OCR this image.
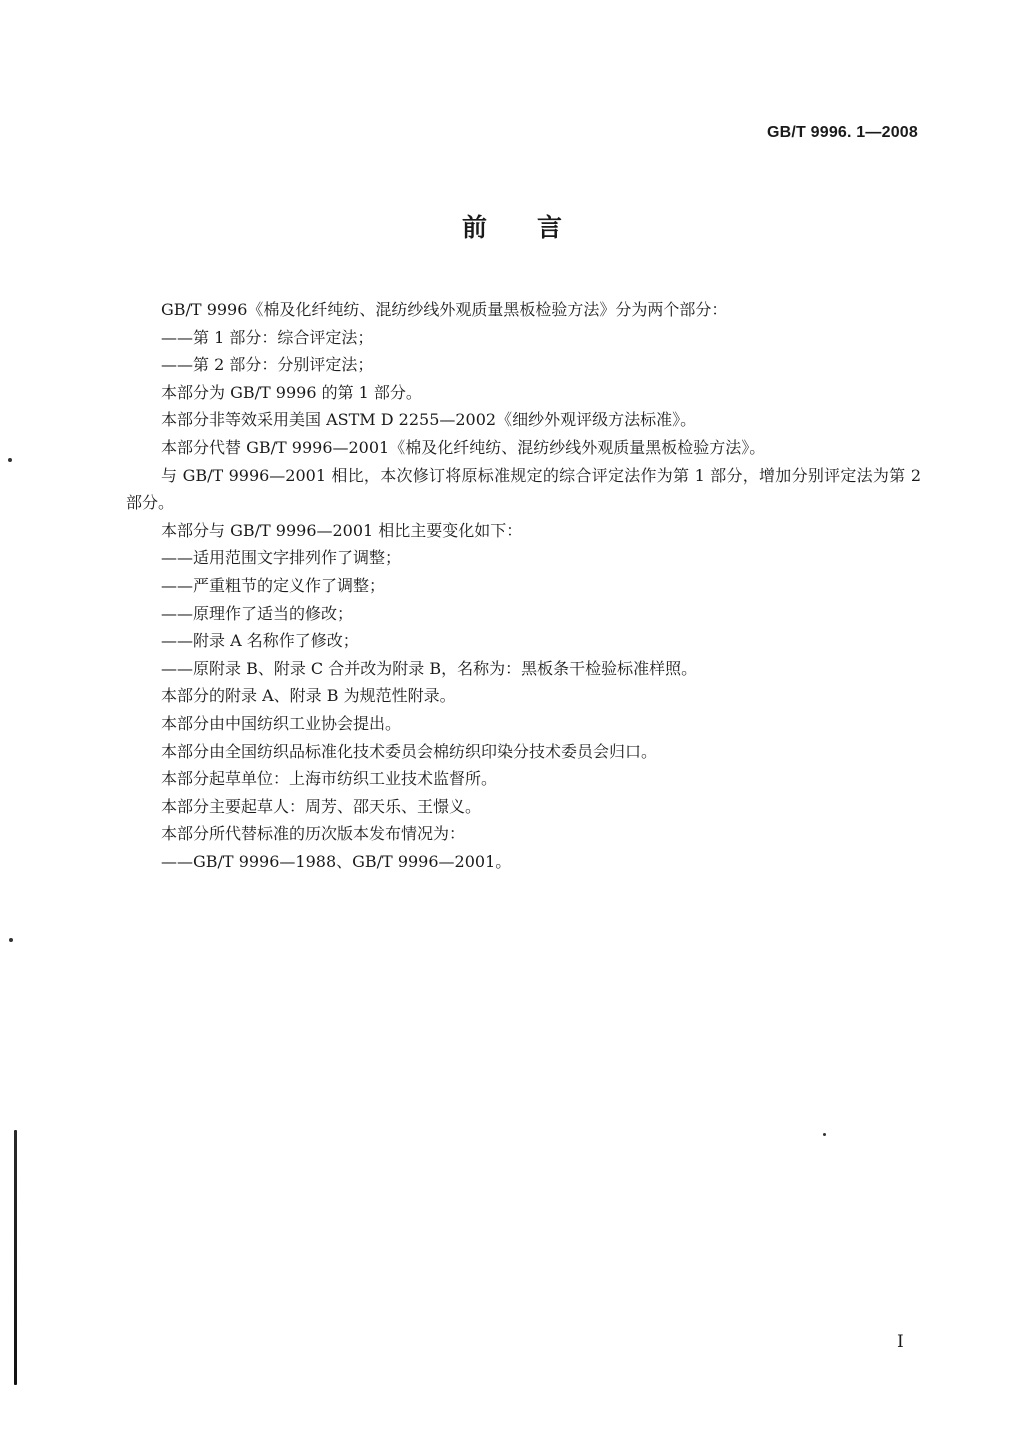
GB/T 9996. 1—2008
前言

GB/T 9996《棉及化纤纯纺、混纺纱线外观质量黑板检验方法》分为两个部分：

——第 1 部分：综合评定法；

——第 2 部分：分别评定法；

本部分为 GB/T 9996 的第 1 部分。

本部分非等效采用美国 ASTM D 2255—2002《细纱外观评级方法标准》。

本部分代替 GB/T 9996—2001《棉及化纤纯纺、混纺纱线外观质量黑板检验方法》。

与 GB/T 9996—2001 相比，本次修订将原标准规定的综合评定法作为第 1 部分，增加分别评定法为第 2 部分。

本部分与 GB/T 9996—2001 相比主要变化如下：

——适用范围文字排列作了调整；

——严重粗节的定义作了调整；

——原理作了适当的修改；

——附录 A 名称作了修改；

——原附录 B、附录 C 合并改为附录 B，名称为：黑板条干检验标准样照。

本部分的附录 A、附录 B 为规范性附录。

本部分由中国纺织工业协会提出。

本部分由全国纺织品标准化技术委员会棉纺织印染分技术委员会归口。

本部分起草单位：上海市纺织工业技术监督所。

本部分主要起草人：周芳、邵天乐、王憬义。

本部分所代替标准的历次版本发布情况为：

——GB/T 9996—1988、GB/T 9996—2001。

I
